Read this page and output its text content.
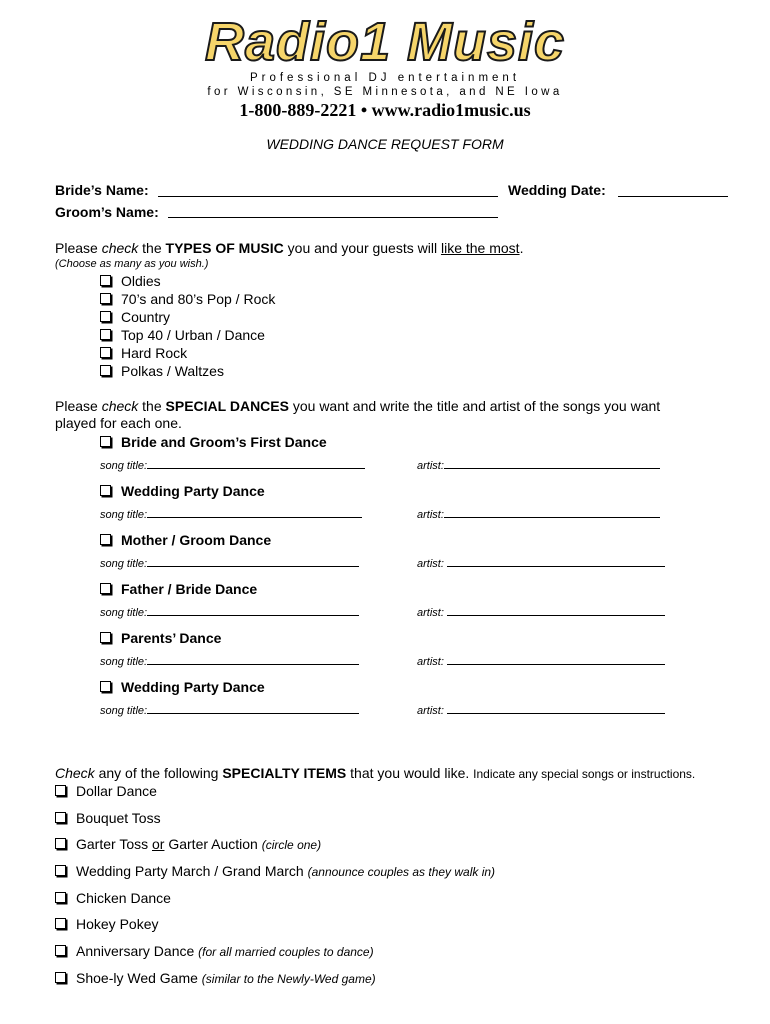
Radio1 Music
Professional DJ entertainment
for Wisconsin, SE Minnesota, and NE Iowa
1-800-889-2221 • www.radio1music.us
WEDDING DANCE REQUEST FORM
Bride’s Name:	Wedding Date:
Groom’s Name:
Please check the TYPES OF MUSIC you and your guests will like the most.
(Choose as many as you wish.)
Oldies
70’s and 80’s Pop / Rock
Country
Top 40 / Urban / Dance
Hard Rock
Polkas / Waltzes
Please check the SPECIAL DANCES you want and write the title and artist of the songs you want
played for each one.
Bride and Groom’s First Dance
song title:	artist:
Wedding Party Dance
song title:	artist:
Mother / Groom Dance
song title:	artist:
Father / Bride Dance
song title:	artist:
Parents’ Dance
song title:	artist:
Wedding Party Dance
song title:	artist:
Check any of the following SPECIALTY ITEMS that you would like. Indicate any special songs or instructions.
Dollar Dance
Bouquet Toss
Garter Toss or Garter Auction (circle one)
Wedding Party March / Grand March (announce couples as they walk in)
Chicken Dance
Hokey Pokey
Anniversary Dance (for all married couples to dance)
Shoe-ly Wed Game (similar to the Newly-Wed game)
